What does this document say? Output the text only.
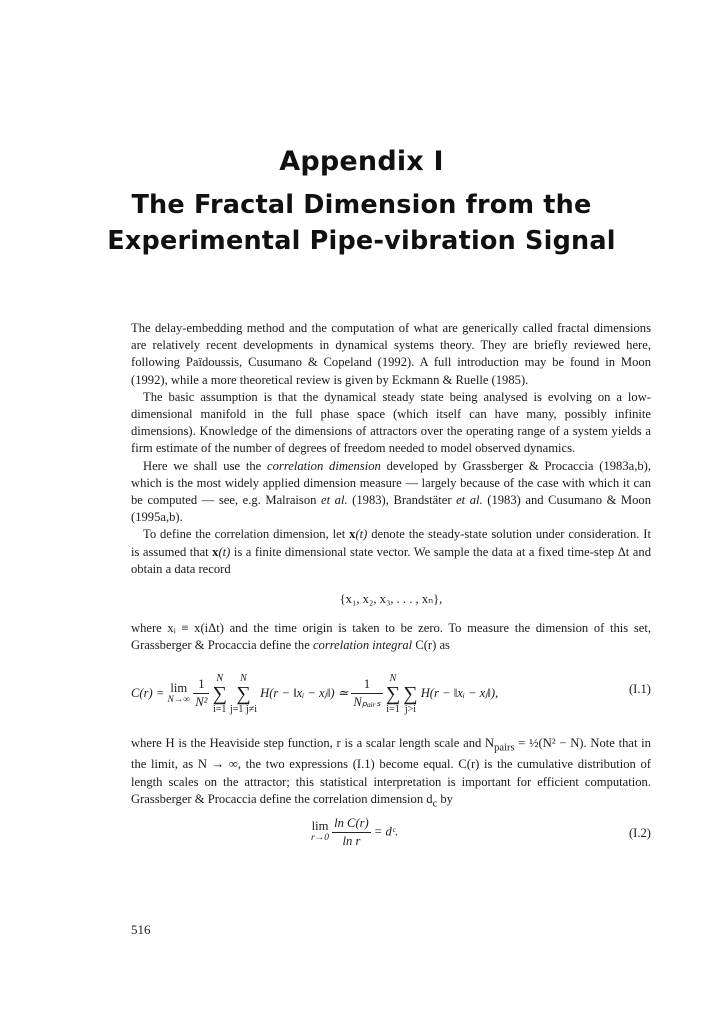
Appendix I
The Fractal Dimension from the
Experimental Pipe-vibration Signal

The delay-embedding method and the computation of what are generically called fractal dimensions are relatively recent developments in dynamical systems theory. They are briefly reviewed here, following Païdoussis, Cusumano & Copeland (1992). A full introduction may be found in Moon (1992), while a more theoretical review is given by Eckmann & Ruelle (1985).

The basic assumption is that the dynamical steady state being analysed is evolving on a low-dimensional manifold in the full phase space (which itself can have many, possibly infinite dimensions). Knowledge of the dimensions of attractors over the operating range of a system yields a firm estimate of the number of degrees of freedom needed to model observed dynamics.

Here we shall use the correlation dimension developed by Grassberger & Procaccia (1983a,b), which is the most widely applied dimension measure — largely because of the case with which it can be computed — see, e.g. Malraison et al. (1983), Brandstäter et al. (1983) and Cusumano & Moon (1995a,b).

To define the correlation dimension, let x(t) denote the steady-state solution under consideration. It is assumed that x(t) is a finite dimensional state vector. We sample the data at a fixed time-step Δt and obtain a data record

{x₁, x₂, x₃, . . . , xₙ},

where xᵢ ≡ x(iΔt) and the time origin is taken to be zero. To measure the dimension of this set, Grassberger & Procaccia define the correlation integral C(r) as

C(r) = lim
N→∞
$\frac{1}{\text{N²}}$ N
∑
i=1 N
∑
j=1 j≠i H(r − ‖xᵢ − xⱼ‖) ≃ $\frac{1}{\text{Nₚₐᵢᵣₛ}}$ N
∑
i=1
∑
j>i H(r − ‖xᵢ − xⱼ‖),	(I.1)

where H is the Heaviside step function, r is a scalar length scale and $N_{pairs}$ = ½(N² − N). Note that in the limit, as N → ∞, the two expressions (I.1) become equal. C(r) is the cumulative distribution of length scales on the attractor; this statistical interpretation is important for efficient computation. Grassberger & Procaccia define the correlation dimension $d_c$ by

lim
r→0
$\frac{\text{ln C(r)}}{\text{ln r}}$ = dᶜ.	(I.2)
516
